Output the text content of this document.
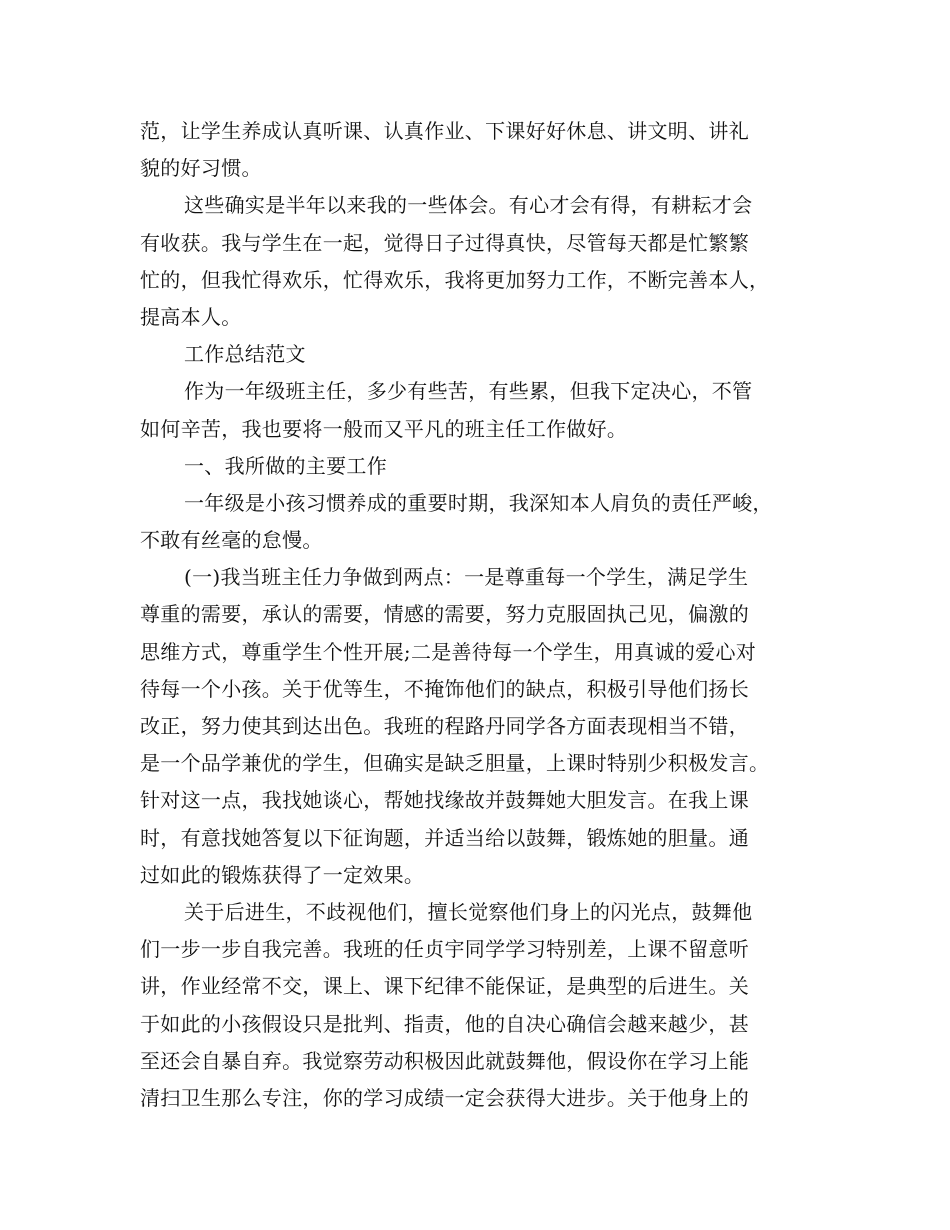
范，让学生养成认真听课、认真作业、下课好好休息、讲文明、讲礼
貌的好习惯。
这些确实是半年以来我的一些体会。有心才会有得，有耕耘才会
有收获。我与学生在一起，觉得日子过得真快，尽管每天都是忙繁繁
忙的，但我忙得欢乐，忙得欢乐，我将更加努力工作，不断完善本人，
提高本人。
工作总结范文
作为一年级班主任，多少有些苦，有些累，但我下定决心，不管
如何辛苦，我也要将一般而又平凡的班主任工作做好。
一、我所做的主要工作
一年级是小孩习惯养成的重要时期，我深知本人肩负的责任严峻，
不敢有丝毫的怠慢。
(一)我当班主任力争做到两点：一是尊重每一个学生，满足学生
尊重的需要，承认的需要，情感的需要，努力克服固执己见，偏激的
思维方式，尊重学生个性开展;二是善待每一个学生，用真诚的爱心对
待每一个小孩。关于优等生，不掩饰他们的缺点，积极引导他们扬长
改正，努力使其到达出色。我班的程路丹同学各方面表现相当不错，
是一个品学兼优的学生，但确实是缺乏胆量，上课时特别少积极发言。
针对这一点，我找她谈心，帮她找缘故并鼓舞她大胆发言。在我上课
时，有意找她答复以下征询题，并适当给以鼓舞，锻炼她的胆量。通
过如此的锻炼获得了一定效果。
关于后进生，不歧视他们，擅长觉察他们身上的闪光点，鼓舞他
们一步一步自我完善。我班的任贞宇同学学习特别差，上课不留意听
讲，作业经常不交，课上、课下纪律不能保证，是典型的后进生。关
于如此的小孩假设只是批判、指责，他的自决心确信会越来越少，甚
至还会自暴自弃。我觉察劳动积极因此就鼓舞他，假设你在学习上能
清扫卫生那么专注，你的学习成绩一定会获得大进步。关于他身上的
